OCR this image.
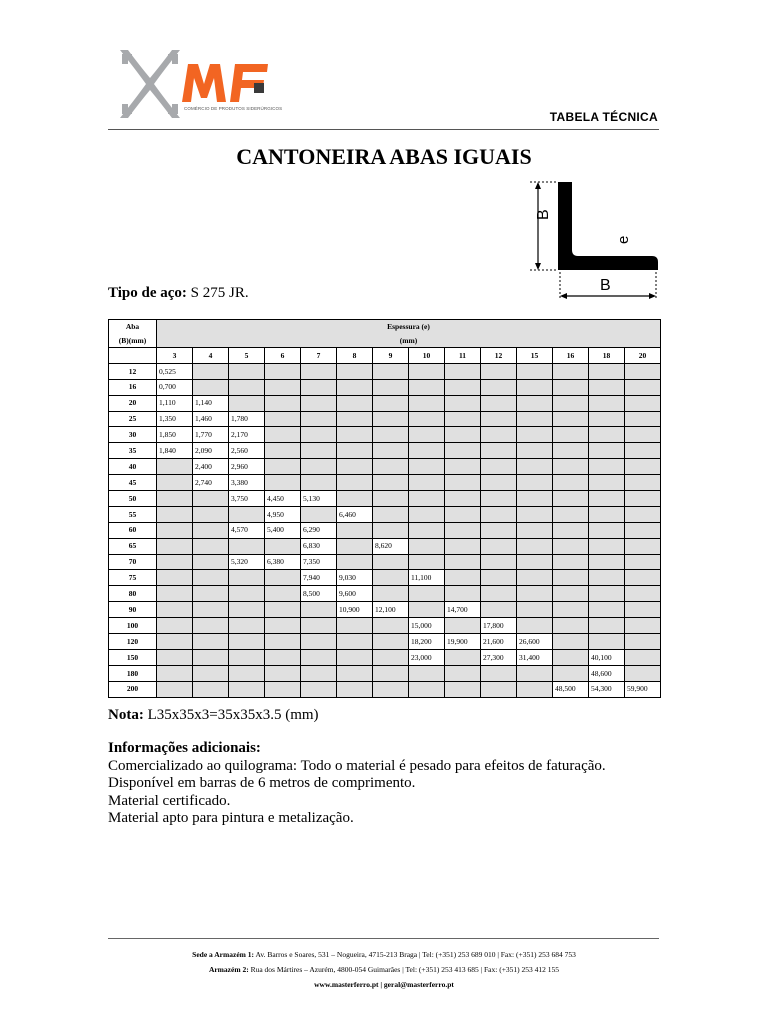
COMÉRCIO DE PRODUTOS SIDERÚRGICOS
TABELA TÉCNICA
CANTONEIRA ABAS IGUAIS
B
B
e
Tipo de aço: S 275 JR.
Aba
(B)(mm)	Espessura (e)
(mm)													

	3	4	5	6	7	8	9	10	11	12	15	16	18	20
12	0,525													
16	0,700													
20	1,110	1,140												
25	1,350	1,460	1,780											
30	1,850	1,770	2,170											
35	1,840	2,090	2,560											
40		2,400	2,960											
45		2,740	3,380											
50			3,750	4,450	5,130									
55				4,950		6,460								
60			4,570	5,400	6,290									
65					6,830		8,620							
70			5,320	6,380	7,350									
75					7,940	9,030		11,100						
80					8,500	9,600								
90						10,900	12,100		14,700					
100								15,000		17,800				
120								18,200	19,900	21,600	26,600			
150								23,000		27,300	31,400		40,100	
180													48,600	
200												48,500	54,300	59,900
Nota: L35x35x3=35x35x3.5 (mm)
Informações adicionais:
Comercializado ao quilograma: Todo o material é pesado para efeitos de faturação.
Disponível em barras de 6 metros de comprimento.
Material certificado.
Material apto para pintura e metalização.
Sede a Armazém 1: Av. Barros e Soares, 531 – Nogueira, 4715-213 Braga | Tel: (+351) 253 689 010 | Fax: (+351) 253 684 753
Armazém 2: Rua dos Mártires – Azurém, 4800-054 Guimarães | Tel: (+351) 253 413 685 | Fax: (+351) 253 412 155
www.masterferro.pt | geral@masterferro.pt
